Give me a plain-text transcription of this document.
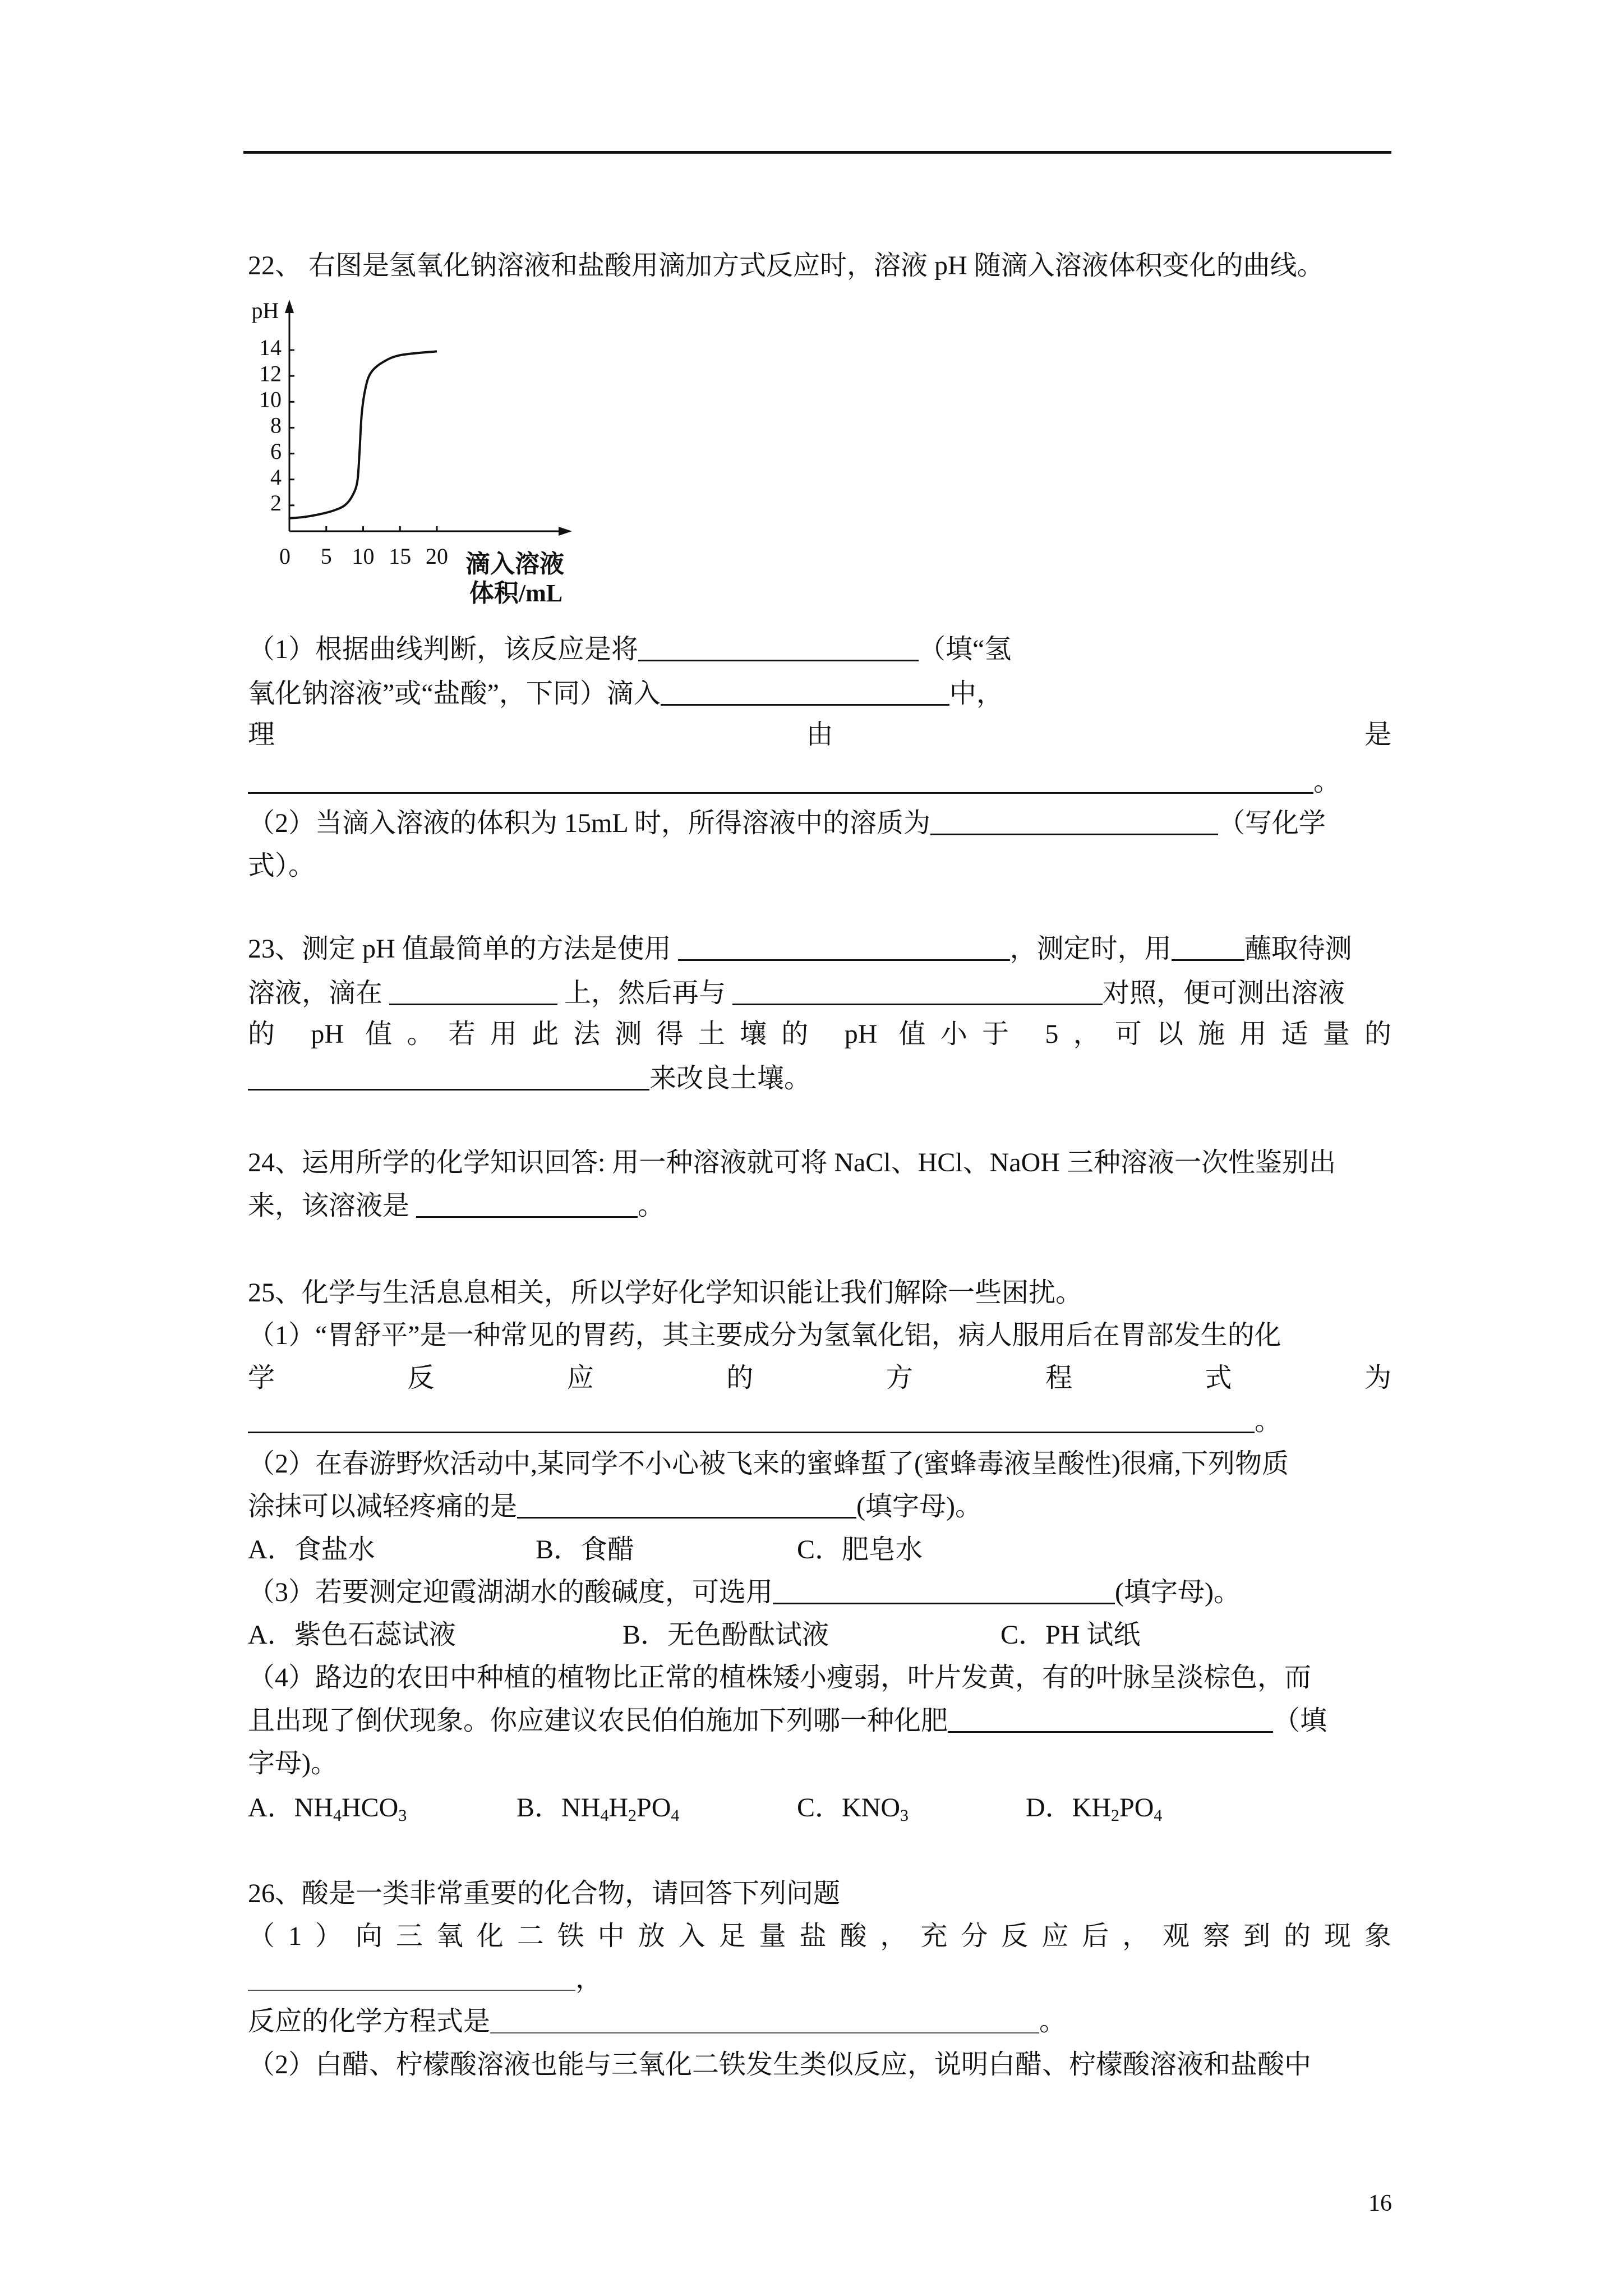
22、 右图是氢氧化钠溶液和盐酸用滴加方式反应时，溶液 pH 随滴入溶液体积变化的曲线。
pH
滴入溶液
体积/mL
2
4
6
8
10
12
14
0 5 10 15 20
（1）根据曲线判断，该反应是将	（填“氢
氧化钠溶液”或“盐酸”，下同）滴入	中，
理	由	是
。
（2）当滴入溶液的体积为 15mL 时，所得溶液中的溶质为	（写化学
式）。
23、测定 pH 值最简单的方法是使用	，测定时，用	蘸取待测
溶液，滴在	上，然后再与	对照，便可测出溶液
的 pH 值。若用此法测得土壤的 pH 值小于 5，可以施用适量的
来改良土壤。
24、运用所学的化学知识回答: 用一种溶液就可将 NaCl、HCl、NaOH 三种溶液一次性鉴别出
来，该溶液是	。
25、化学与生活息息相关，所以学好化学知识能让我们解除一些困扰。
（1）“胃舒平”是一种常见的胃药，其主要成分为氢氧化铝，病人服用后在胃部发生的化
学反应的方程式为
。
（2）在春游野炊活动中,某同学不小心被飞来的蜜蜂蜇了(蜜蜂毒液呈酸性)很痛,下列物质
涂抹可以减轻疼痛的是	(填字母)。
A．食盐水	B．食醋	C．肥皂水
（3）若要测定迎霞湖湖水的酸碱度，可选用	(填字母)。
A．紫色石蕊试液	B．无色酚酞试液	C．PH 试纸
（4）路边的农田中种植的植物比正常的植株矮小瘦弱，叶片发黄，有的叶脉呈淡棕色，而
且出现了倒伏现象。你应建议农民伯伯施加下列哪一种化肥	（填
字母)。
A．$NH_4HCO_3$	B．$NH_4H_2PO_4$	C．$KNO_3$	D．$KH_2PO_4$
26、酸是一类非常重要的化合物，请回答下列问题
（1）向三氧化二铁中放入足量盐酸，充分反应后，观察到的现象
，
反应的化学方程式是	。
（2）白醋、柠檬酸溶液也能与三氧化二铁发生类似反应，说明白醋、柠檬酸溶液和盐酸中
16
